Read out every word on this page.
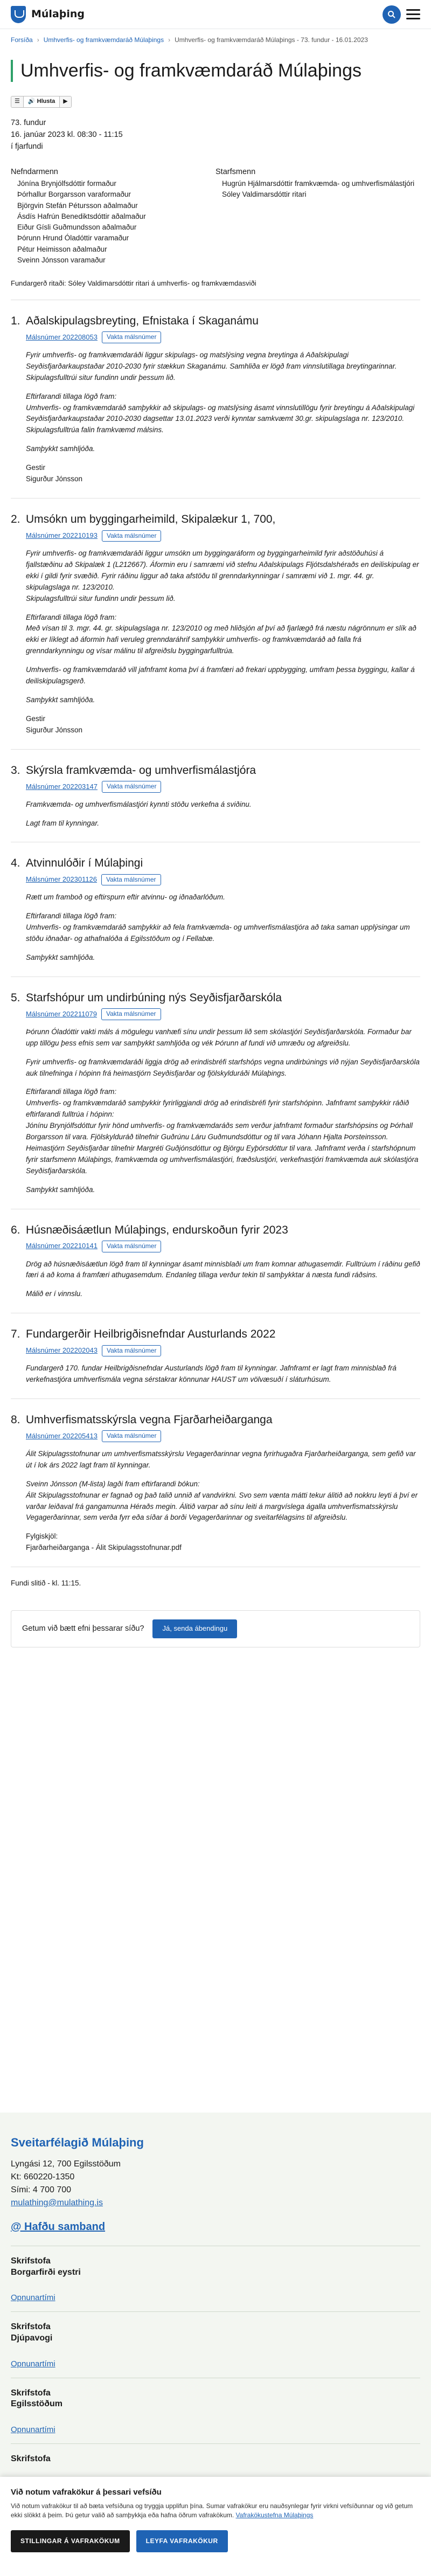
Múlaþing
Forsíða › Umhverfis- og framkvæmdaráð Múlaþings › Umhverfis- og framkvæmdaráð Múlaþings - 73. fundur - 16.01.2023
Umhverfis- og framkvæmdaráð Múlaþings
☰	🔊 Hlusta	▶
73. fundur
16. janúar 2023 kl. 08:30 - 11:15
í fjarfundi
Nefndarmenn
Jónína Brynjólfsdóttir formaður
Þórhallur Borgarsson varaformaður
Björgvin Stefán Pétursson aðalmaður
Ásdís Hafrún Benediktsdóttir aðalmaður
Eiður Gísli Guðmundsson aðalmaður
Þórunn Hrund Óladóttir varamaður
Pétur Heimisson aðalmaður
Sveinn Jónsson varamaður
Starfsmenn
Hugrún Hjálmarsdóttir framkvæmda- og umhverfismálastjóri
Sóley Valdimarsdóttir ritari
Fundargerð ritaði: Sóley Valdimarsdóttir ritari á umhverfis- og framkvæmdasviði
1. Aðalskipulagsbreyting, Efnistaka í Skaganámu
Málsnúmer 202208053	Vakta málsnúmer

Fyrir umhverfis- og framkvæmdaráði liggur skipulags- og matslýsing vegna breytinga á Aðalskipulagi Seyðisfjarðarkaupstaðar 2010-2030 fyrir stækkun Skaganámu. Samhliða er lögð fram vinnslutillaga breytingarinnar.
Skipulagsfulltrúi situr fundinn undir þessum lið.

Eftirfarandi tillaga lögð fram:
Umhverfis- og framkvæmdaráð samþykkir að skipulags- og matslýsing ásamt vinnslutillögu fyrir breytingu á Aðalskipulagi Seyðisfjarðarkaupstaðar 2010-2030 dagsettar 13.01.2023 verði kynntar samkvæmt 30.gr. skipulagslaga nr. 123/2010. Skipulagsfulltrúa falin framkvæmd málsins.

Samþykkt samhljóða.

Gestir
Sigurður Jónsson

2. Umsókn um byggingarheimild, Skipalækur 1, 700,
Málsnúmer 202210193	Vakta málsnúmer

Fyrir umhverfis- og framkvæmdaráði liggur umsókn um byggingaráform og byggingarheimild fyrir aðstöðuhúsi á fjallstæðinu að Skipalæk 1 (L212667). Áformin eru í samræmi við stefnu Aðalskipulags Fljótsdalshéraðs en deiliskipulag er ekki í gildi fyrir svæðið. Fyrir ráðinu liggur að taka afstöðu til grenndarkynningar í samræmi við 1. mgr. 44. gr. skipulagslaga nr. 123/2010.
Skipulagsfulltrúi situr fundinn undir þessum lið.

Eftirfarandi tillaga lögð fram:
Með vísan til 3. mgr. 44. gr. skipulagslaga nr. 123/2010 og með hliðsjón af því að fjarlægð frá næstu nágrönnum er slík að ekki er líklegt að áformin hafi veruleg grenndaráhrif samþykkir umhverfis- og framkvæmdaráð að falla frá grenndarkynningu og vísar málinu til afgreiðslu byggingarfulltrúa.

Umhverfis- og framkvæmdaráð vill jafnframt koma því á framfæri að frekari uppbygging, umfram þessa byggingu, kallar á deiliskipulagsgerð.

Samþykkt samhljóða.

Gestir
Sigurður Jónsson

3. Skýrsla framkvæmda- og umhverfismálastjóra
Málsnúmer 202203147	Vakta málsnúmer

Framkvæmda- og umhverfismálastjóri kynnti stöðu verkefna á sviðinu.

Lagt fram til kynningar.

4. Atvinnulóðir í Múlaþingi
Málsnúmer 202301126	Vakta málsnúmer

Rætt um framboð og eftirspurn eftir atvinnu- og iðnaðarlóðum.

Eftirfarandi tillaga lögð fram:
Umhverfis- og framkvæmdaráð samþykkir að fela framkvæmda- og umhverfismálastjóra að taka saman upplýsingar um stöðu iðnaðar- og athafnalóða á Egilsstöðum og í Fellabæ.

Samþykkt samhljóða.

5. Starfshópur um undirbúning nýs Seyðisfjarðarskóla
Málsnúmer 202211079	Vakta málsnúmer

Þórunn Óladóttir vakti máls á mögulegu vanhæfi sínu undir þessum lið sem skólastjóri Seyðisfjarðarskóla. Formaður bar upp tillögu þess efnis sem var samþykkt samhljóða og vék Þórunn af fundi við umræðu og afgreiðslu.

Fyrir umhverfis- og framkvæmdaráði liggja drög að erindisbréfi starfshóps vegna undirbúnings við nýjan Seyðisfjarðarskóla auk tilnefninga í hópinn frá heimastjórn Seyðisfjarðar og fjölskylduráði Múlaþings.

Eftirfarandi tillaga lögð fram:
Umhverfis- og framkvæmdaráð samþykkir fyrirliggjandi drög að erindisbréfi fyrir starfshópinn. Jafnframt samþykkir ráðið eftirfarandi fulltrúa í hópinn:
Jónínu Brynjólfsdóttur fyrir hönd umhverfis- og framkvæmdaráðs sem verður jafnframt formaður starfshópsins og Þórhall Borgarsson til vara. Fjölskylduráð tilnefnir Guðrúnu Láru Guðmundsdóttur og til vara Jóhann Hjalta Þorsteinsson. Heimastjórn Seyðisfjarðar tilnefnir Margréti Guðjónsdóttur og Björgu Eyþórsdóttur til vara. Jafnframt verða í starfshópnum fyrir starfsmenn Múlaþings, framkvæmda og umhverfismálastjóri, fræðslustjóri, verkefnastjóri framkvæmda auk skólastjóra Seyðisfjarðarskóla.

Samþykkt samhljóða.

6. Húsnæðisáætlun Múlaþings, endurskoðun fyrir 2023
Málsnúmer 202210141	Vakta málsnúmer

Drög að húsnæðisáætlun lögð fram til kynningar ásamt minnisblaði um fram komnar athugasemdir. Fulltrúum í ráðinu gefið færi á að koma á framfæri athugasemdum. Endanleg tillaga verður tekin til samþykktar á næsta fundi ráðsins.

Málið er í vinnslu.

7. Fundargerðir Heilbrigðisnefndar Austurlands 2022
Málsnúmer 202202043	Vakta málsnúmer

Fundargerð 170. fundar Heilbrigðisnefndar Austurlands lögð fram til kynningar. Jafnframt er lagt fram minnisblað frá verkefnastjóra umhverfismála vegna sérstakrar könnunar HAUST um völvæsuðí í sláturhúsum.

8. Umhverfismatsskýrsla vegna Fjarðarheiðarganga
Málsnúmer 202205413	Vakta málsnúmer

Álit Skipulagsstofnunar um umhverfismatsskýrslu Vegagerðarinnar vegna fyrirhugaðra Fjarðarheiðarganga, sem gefið var út í lok árs 2022 lagt fram til kynningar.

Sveinn Jónsson (M-lista) lagði fram eftirfarandi bókun:
Álit Skipulagsstofnunar er fagnað og það talið unnið af vandvirkni. Svo sem vænta mátti tekur álitið að nokkru leyti á því er varðar leiðaval frá gangamunna Héraðs megin. Álitið varpar að sínu leiti á margvíslega ágalla umhverfismatsskýrslu Vegagerðarinnar, sem verða fyrr eða síðar á borði Vegagerðarinnar og sveitarfélagsins til afgreiðslu.

Fylgiskjöl:
Fjarðarheiðarganga - Álit Skipulagsstofnunar.pdf

Fundi slitið - kl. 11:15.
Getum við bætt efni þessarar síðu?	Já, senda ábendingu
Sveitarfélagið Múlaþing
Lyngási 12, 700 Egilsstöðum
Kt: 660220-1350
Sími: 4 700 700
mulathing@mulathing.is
@ Hafðu samband
Skrifstofa
Borgarfirði eystri
Opnunartími
Skrifstofa
Djúpavogi
Opnunartími
Skrifstofa
Egilsstöðum
Opnunartími
Skrifstofa
Við notum vafrakökur á þessari vefsíðu

Við notum vafrakökur til að bæta vefsíðuna og tryggja upplifun þína. Sumar vafrakökur eru nauðsynlegar fyrir virkni vefsíðunnar og við getum ekki slökkt á þeim. Þú getur valið að samþykkja eða hafna öðrum vafrakökum. Vafrakökustefna Múlaþings

STILLINGAR Á VAFRAKÖKUM	LEYFA VAFRAKÖKUR
